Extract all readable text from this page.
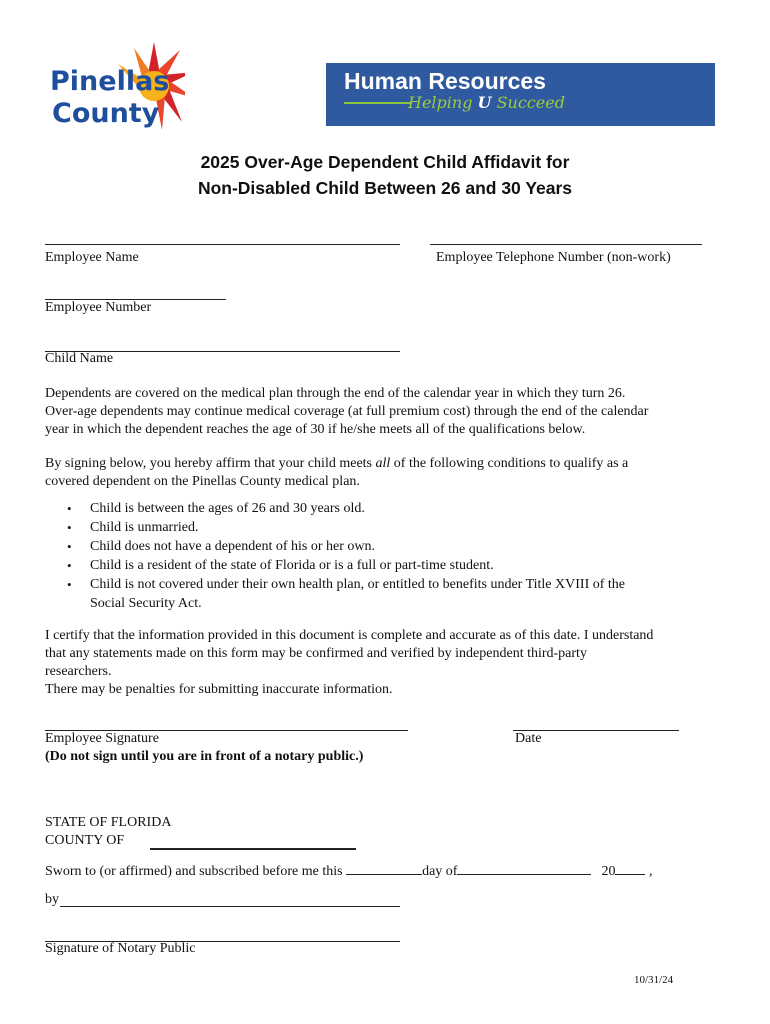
Pinellas
County
Human Resources
Helping U Succeed
2025 Over-Age Dependent Child Affidavit for
Non-Disabled Child Between 26 and 30 Years
Employee Name	Employee Telephone Number (non-work)
Employee Number
Child Name
Dependents are covered on the medical plan through the end of the calendar year in which they turn 26.
Over-age dependents may continue medical coverage (at full premium cost) through the end of the calendar
year in which the dependent reaches the age of 30 if he/she meets all of the qualifications below.
By signing below, you hereby affirm that your child meets all of the following conditions to qualify as a
covered dependent on the Pinellas County medical plan.
• Child is between the ages of 26 and 30 years old.
• Child is unmarried.
• Child does not have a dependent of his or her own.
• Child is a resident of the state of Florida or is a full or part-time student.
• Child is not covered under their own health plan, or entitled to benefits under Title XVIII of the
Social Security Act.
I certify that the information provided in this document is complete and accurate as of this date. I understand
that any statements made on this form may be confirmed and verified by independent third-party
researchers.
There may be penalties for submitting inaccurate information.
Employee Signature	Date
(Do not sign until you are in front of a notary public.)
STATE OF FLORIDA
COUNTY OF
Sworn to (or affirmed) and subscribed before me this	day of	20 ,
by
Signature of Notary Public
10/31/24
